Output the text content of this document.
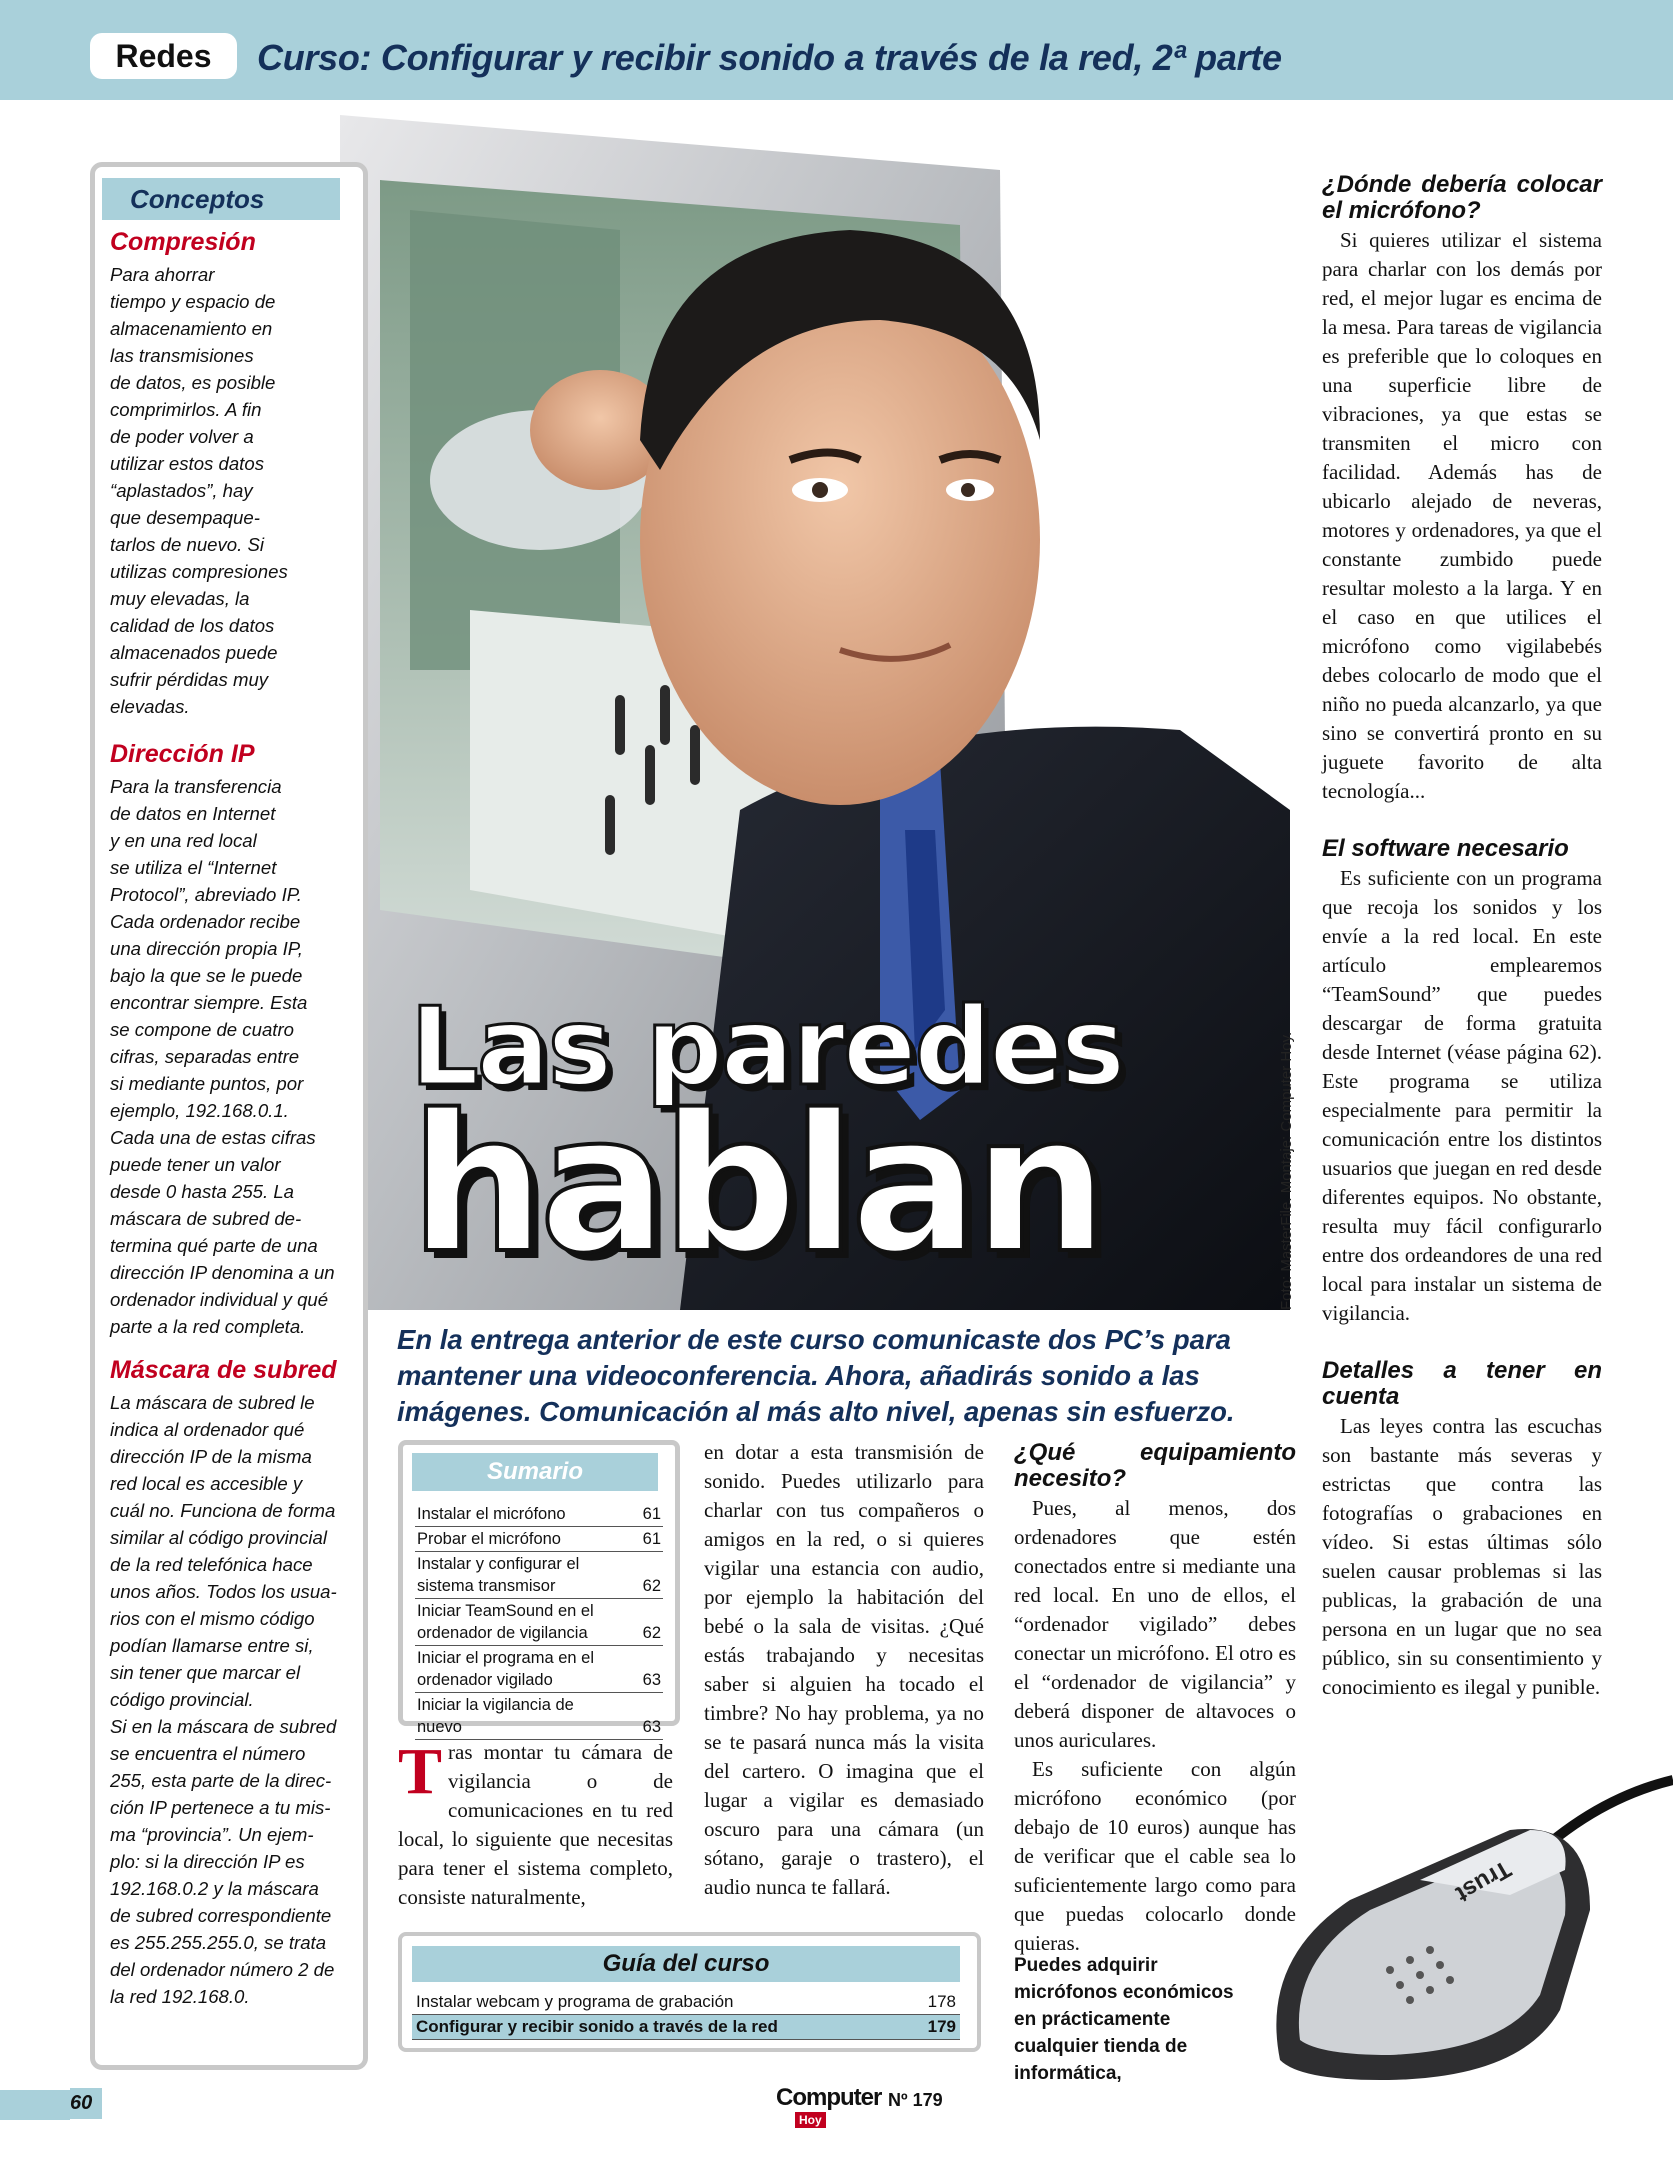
Redes	Curso: Configurar y recibir sonido a través de la red, 2ª parte
Las paredes
hablan	Foto: MasterFile. Montaje: Computer Hoy.
Conceptos
Compresión

Para ahorrar
tiempo y espacio de
almacenamiento en
las transmisiones
de datos, es posible
comprimirlos. A fin
de poder volver a
utilizar estos datos
“aplastados”, hay
que desempaque-
tarlos de nuevo. Si
utilizas compresiones
muy elevadas, la
calidad de los datos
almacenados puede
sufrir pérdidas muy
elevadas.

Dirección IP

Para la transferencia
de datos en Internet
y en una red local
se utiliza el “Internet
Protocol”, abreviado IP.
Cada ordenador recibe
una dirección propia IP,
bajo la que se le puede
encontrar siempre. Esta
se compone de cuatro
cifras, separadas entre
si mediante puntos, por
ejemplo, 192.168.0.1.
Cada una de estas cifras
puede tener un valor
desde 0 hasta 255. La
máscara de subred de-
termina qué parte de una
dirección IP denomina a un
ordenador individual y qué
parte a la red completa.

Máscara de subred

La máscara de subred le
indica al ordenador qué
dirección IP de la misma
red local es accesible y
cuál no. Funciona de forma
similar al código provincial
de la red telefónica hace
unos años. Todos los usua-
rios con el mismo código
podían llamarse entre si,
sin tener que marcar el
código provincial.
Si en la máscara de subred
se encuentra el número
255, esta parte de la direc-
ción IP pertenece a tu mis-
ma “provincia”. Un ejem-
plo: si la dirección IP es
192.168.0.2 y la máscara
de subred correspondiente
es 255.255.255.0, se trata
del ordenador número 2 de
la red 192.168.0.

En la entrega anterior de este curso comunicaste dos PC’s para mantener una videoconferencia. Ahora, añadirás sonido a las imágenes. Comunicación al más alto nivel, apenas sin esfuerzo.
Sumario
Instalar el micrófono	61
Probar el micrófono	61
Instalar y configurar el
sistema transmisor	62
Iniciar TeamSound en el
ordenador de vigilancia	62
Iniciar el programa en el
ordenador vigilado	63
Iniciar la vigilancia de nuevo	63
Tras montar tu cámara de vigilancia o de comunicaciones en tu red local, lo siguiente que necesitas para tener el sistema completo, consiste naturalmente,
en dotar a esta transmisión de sonido. Puedes utilizarlo para charlar con tus compañeros o amigos en la red, o si quieres vigilar una estancia con audio, por ejemplo la habitación del bebé o la sala de visitas. ¿Qué estás trabajando y necesitas saber si alguien ha tocado el timbre? No hay problema, ya no se te pasará nunca más la visita del cartero. O imagina que el lugar a vigilar es demasiado oscuro para una cámara (un sótano, garaje o trastero), el audio nunca te fallará.
¿Qué equipamiento necesito?

Pues, al menos, dos ordenadores que estén conectados entre si mediante una red local. En uno de ellos, el “ordenador vigilado” debes conectar un micrófono. El otro es el “ordenador de vigilancia” y deberá disponer de altavoces o unos auriculares.

Es suficiente con algún micrófono económico (por debajo de 10 euros) aunque has de verificar que el cable sea lo suficientemente largo como para que puedas colocarlo donde quieras.

¿Dónde debería colocar el micrófono?

Si quieres utilizar el sistema para charlar con los demás por red, el mejor lugar es encima de la mesa. Para tareas de vigilancia es preferible que lo coloques en una superficie libre de vibraciones, ya que estas se transmiten el micro con facilidad. Además has de ubicarlo alejado de neveras, motores y ordenadores, ya que el constante zumbido puede resultar molesto a la larga. Y en el caso en que utilices el micrófono como vigilabebés debes colocarlo de modo que el niño no pueda alcanzarlo, ya que sino se convertirá pronto en su juguete favorito de alta tecnología...

El software necesario

Es suficiente con un programa que recoja los sonidos y los envíe a la red local. En este artículo emplearemos “TeamSound” que puedes descargar de forma gratuita desde Internet (véase página 62). Este programa se utiliza especialmente para permitir la comunicación entre los distintos usuarios que juegan en red desde diferentes equipos. No obstante, resulta muy fácil configurarlo entre dos ordeandores de una red local para instalar un sistema de vigilancia.

Detalles a tener en cuenta

Las leyes contra las escuchas son bastante más severas y estrictas que contra las fotografías o grabaciones en vídeo. Si estas últimas sólo suelen causar problemas si las publicas, la grabación de una persona en un lugar que no sea público, sin su consentimiento y conocimiento es ilegal y punible.

Trust
Puedes adquirir micrófonos económicos en prácticamente cualquier tienda de informática,
Guía del curso
Instalar webcam y programa de grabación	178
Configurar y recibir sonido a través de la red	179
60	Computer
Hoy
Nº 179
